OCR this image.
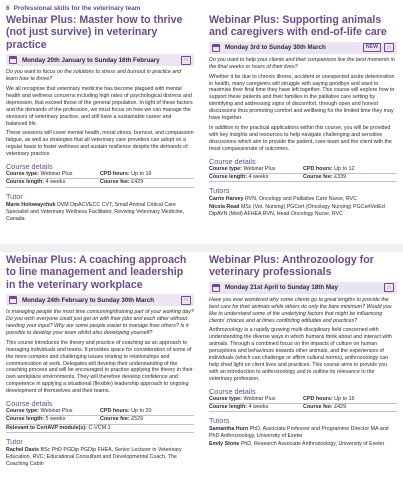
6 Professional skills for the veterinary team
Webinar Plus: Master how to thrive (not just survive) in veterinary practice
Monday 20th January to Sunday 16th February	□
Do you want to focus on the solutions to stress and burnout in practice and learn how to thrive?
We all recognise that veterinary medicine has become plagued with mental health and wellness concerns including high rates of psychological distress and depression, that exceed those of the general population. In light of these factors and the demands of the profession, we must focus on how we can manage the stressors of veterinary practice, and still have a sustainable career and balanced life.
These sessions will cover mental health, moral stress, burnout, and compassion fatigue, as well as strategies that all veterinary care providers can adopt on a regular basis to foster wellness and sustain resilience despite the demands of veterinary practice.
Course details
Course type: Webinar Plus	CPD hours: Up to 16
Course length: 4 weeks	Course fee: £429
Tutor
Marie Holowaychuk DVM DipACVECC CVT, Small Animal Critical Care Specialist and Veterinary Wellness Facilitator, Reviving Veterinary Medicine, Canada
Webinar Plus: Supporting animals and caregivers with end-of-life care
Monday 3rd to Sunday 30th March	NEW	□
Do you want to help your clients and their companions live the best moments in the final weeks or hours of their lives?
Whether it be due to chronic illness, accident or unexpected acute deterioration in health, many caregivers will struggle with saying goodbye and want to maximise their final time they have left together. This course will explore how to support these patients and their families in the palliative care setting by identifying and addressing signs of discomfort, through open and honest discussions thus promoting comfort and wellbeing for the limited time they may have together.
In addition to the practical applications within this course, you will be provided with key insights and resources to help navigate challenging and sensitive discussions which aim to provide the patient, care-team and the client with the most compassionate of outcomes.
Course details
Course type: Webinar Plus	CPD hours: Up to 12
Course length: 4 weeks	Course fee: £339
Tutors
Carrie Harvey RVN, Oncology and Palliative Care Nurse, RVC
Nicola Read MSc (Vet. Nursing) PGCert (Oncology Nursing) PGCertVetEd DipAVN (Med) AFHEA RVN, Head Oncology Nurse, RVC
Webinar Plus: A coaching approach to line management and leadership in the veterinary workplace
Monday 24th February to Sunday 30th March	□
Is managing people the most time consuming/draining part of your working day? Do you wish everyone could just get on with their jobs and each other without needing your input? Why are some people easier to manage than others? Is it possible to develop your team whilst also developing yourself?
This course introduces the theory and practice of coaching as an approach to managing individuals and teams. It provides space for consideration of some of the more complex and challenging issues relating to relationships and communication at work. Delegates will develop their understanding of the coaching process and will be encouraged to practise applying the theory in their own workplace environments. They will therefore develop confidence and competence in applying a situational (flexible) leadership approach to ongoing development of themselves and their teams.
Course details
Course type: Webinar Plus	CPD hours: Up to 20
Course length: 5 weeks	Course fee: £529
Relevant to CertAVP module(s): C-VCM.1
Tutor
Rachel Davis BSc PhD PGDip PGDip FHEA, Senior Lecturer in Veterinary Education, RVC; Educational Consultant and Developmental Coach, The Coaching Cabin
Webinar Plus: Anthrozoology for veterinary professionals
Monday 21st April to Sunday 18th May	□
Have you ever wondered why some clients go to great lengths to provide the best care for their animals while others do only the bare minimum? Would you like to understand some of the underlying factors that might be influencing clients' choices and at times conflicting attitudes and practices?
Anthrozoology is a rapidly growing multi-disciplinary field concerned with understanding the diverse ways in which humans think about and interact with animals. Through a combined focus on the impacts of culture on human perceptions and behaviours towards other animals, and the experiences of individuals (which can challenge or affirm cultural norms), anthrozoology can help shed light on client lives and practices. This course aims to provide you with an introduction to anthrozoology and to outline its relevance to the veterinary profession.
Course details
Course type: Webinar Plus	CPD hours: Up to 16
Course length: 4 weeks	Course fee: £429
Tutors
Samantha Hurn PhD, Associate Professor and Programme Director MA and PhD Anthrozoology, University of Exeter
Emily Stone PhD, Research Associate Anthrozoology, University of Exeter
